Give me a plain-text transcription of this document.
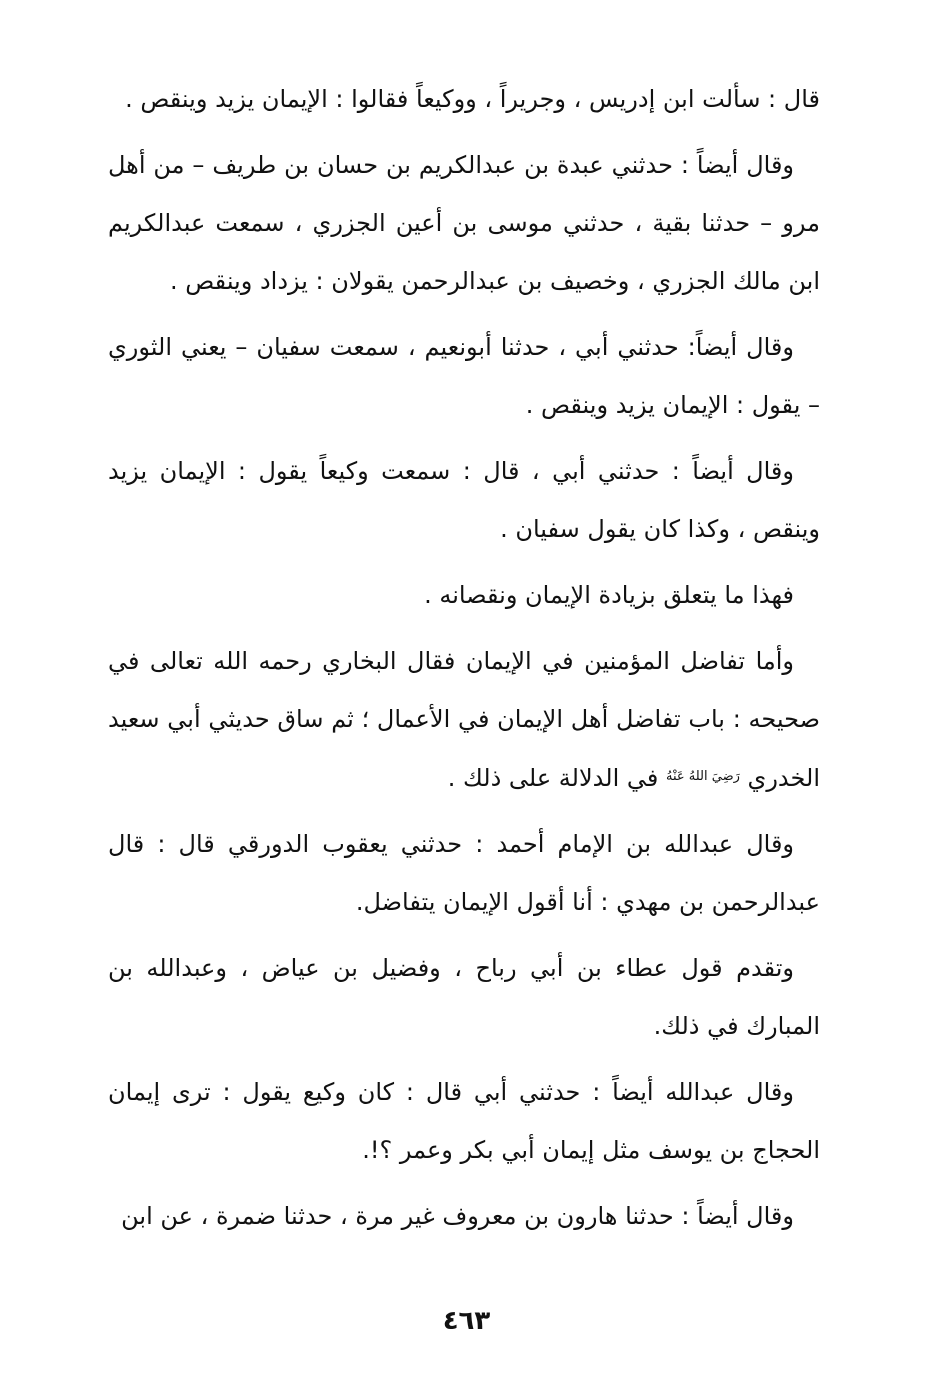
قال : سألت ابن إدريس ، وجريراً ، ووكيعاً فقالوا : الإيمان يزيد وينقص .

وقال أيضاً : حدثني عبدة بن عبدالكريم بن حسان بن طريف – من أهل مرو – حدثنا بقية ، حدثني موسى بن أعين الجزري ، سمعت عبدالكريم ابن مالك الجزري ، وخصيف بن عبدالرحمن يقولان : يزداد وينقص .

وقال أيضاً: حدثني أبي ، حدثنا أبونعيم ، سمعت سفيان – يعني الثوري – يقول : الإيمان يزيد وينقص .

وقال أيضاً : حدثني أبي ، قال : سمعت وكيعاً يقول : الإيمان يزيد وينقص ، وكذا كان يقول سفيان .

فهذا ما يتعلق بزيادة الإيمان ونقصانه .

وأما تفاضل المؤمنين في الإيمان فقال البخاري رحمه الله تعالى في صحيحه : باب تفاضل أهل الإيمان في الأعمال ؛ ثم ساق حديثي أبي سعيد الخدري $^{رَضِيَ اللهُ عَنْهُ}$ في الدلالة على ذلك .

وقال عبدالله بن الإمام أحمد : حدثني يعقوب الدورقي قال : قال عبدالرحمن بن مهدي : أنا أقول الإيمان يتفاضل.

وتقدم قول عطاء بن أبي رباح ، وفضيل بن عياض ، وعبدالله بن المبارك في ذلك.

وقال عبدالله أيضاً : حدثني أبي قال : كان وكيع يقول : ترى إيمان الحجاج بن يوسف مثل إيمان أبي بكر وعمر ؟!.

وقال أيضاً : حدثنا هارون بن معروف غير مرة ، حدثنا ضمرة ، عن ابن

٤٦٣
